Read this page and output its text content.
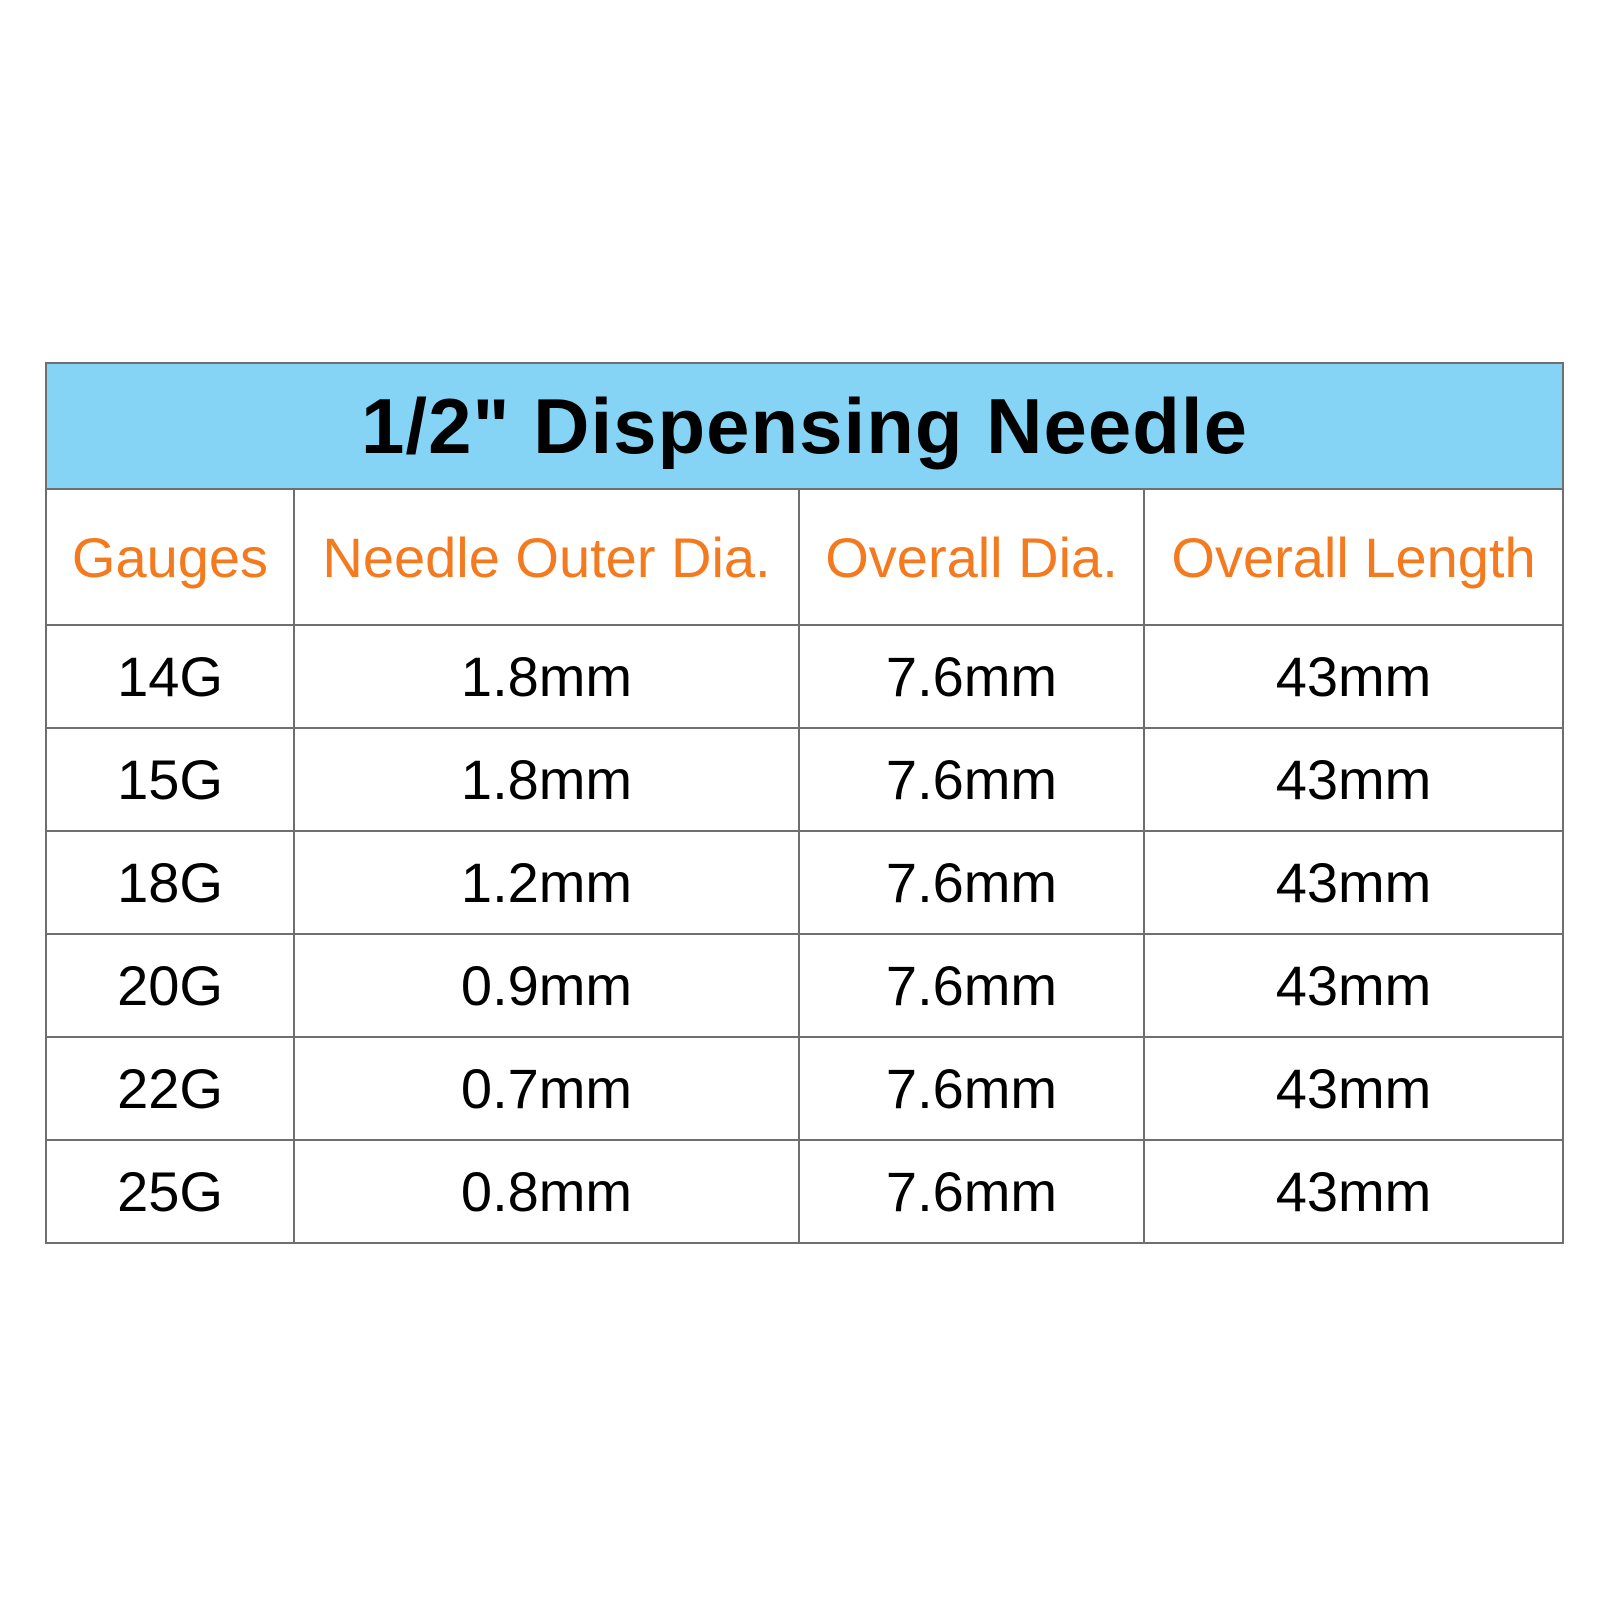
1/2" Dispensing Needle			
Gauges	Needle Outer Dia.	Overall Dia.	Overall Length
14G	1.8mm	7.6mm	43mm
15G	1.8mm	7.6mm	43mm
18G	1.2mm	7.6mm	43mm
20G	0.9mm	7.6mm	43mm
22G	0.7mm	7.6mm	43mm
25G	0.8mm	7.6mm	43mm
